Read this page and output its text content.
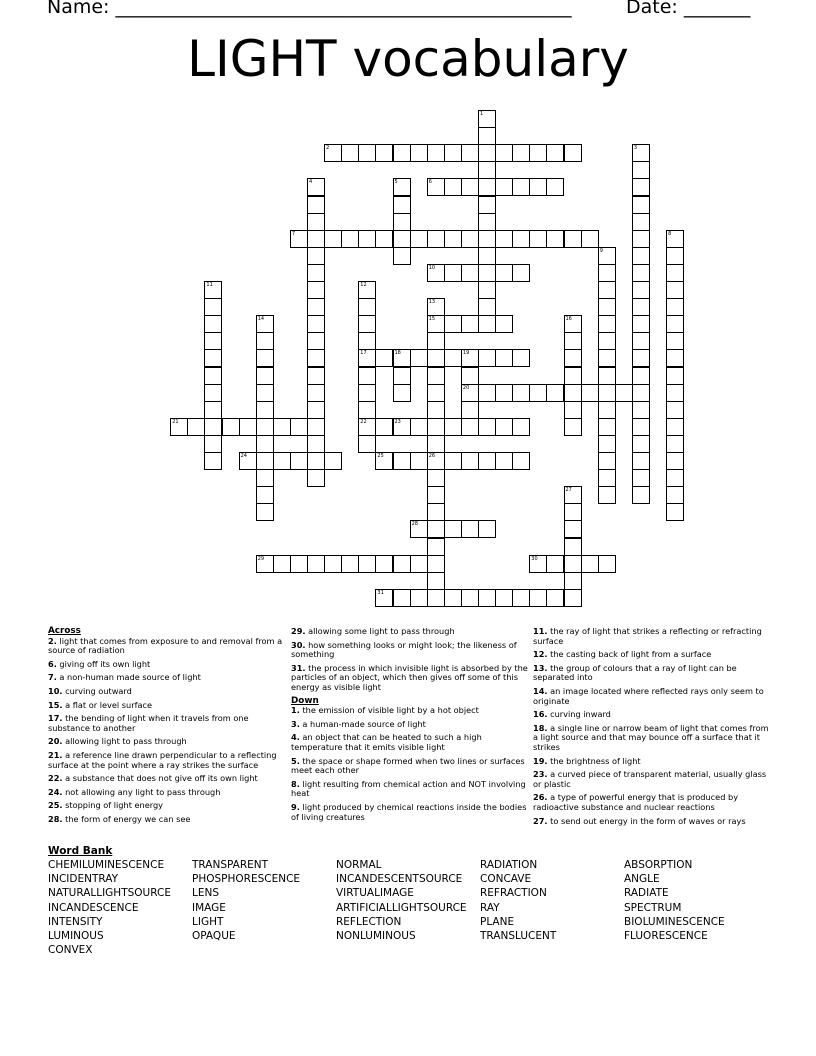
Name: ________________________________________________	Date: _______
LIGHT vocabulary
1
2	3
4	5	6
7	8
9
10
11	12
17
22
13
15
26
14	16
18	19
20
21	23
24	25
27
28
29	30
31
Across
2. light that comes from exposure to and removal from a source of radiation
6. giving off its own light
7. a non-human made source of light
10. curving outward
15. a flat or level surface
17. the bending of light when it travels from one substance to another
20. allowing light to pass through
21. a reference line drawn perpendicular to a reflecting surface at the point where a ray strikes the surface
22. a substance that does not give off its own light
24. not allowing any light to pass through
25. stopping of light energy
28. the form of energy we can see
29. allowing some light to pass through
30. how something looks or might look; the likeness of something
31. the process in which invisible light is absorbed by the particles of an object, which then gives off some of this energy as visible light
Down
1. the emission of visible light by a hot object
3. a human-made source of light
4. an object that can be heated to such a high temperature that it emits visible light
5. the space or shape formed when two lines or surfaces meet each other
8. light resulting from chemical action and NOT involving heat
9. light produced by chemical reactions inside the bodies of living creatures
11. the ray of light that strikes a reflecting or refracting surface
12. the casting back of light from a surface
13. the group of colours that a ray of light can be separated into
14. an image located where reflected rays only seem to originate
16. curving inward
18. a single line or narrow beam of light that comes from a light source and that may bounce off a surface that it strikes
19. the brightness of light
23. a curved piece of transparent material, usually glass or plastic
26. a type of powerful energy that is produced by radioactive substance and nuclear reactions
27. to send out energy in the form of waves or rays
Word Bank
CHEMILUMINESCENCE
INCIDENTRAY
NATURALLIGHTSOURCE
INCANDESCENCE
INTENSITY
LUMINOUS
CONVEX
TRANSPARENT
PHOSPHORESCENCE
LENS
IMAGE
LIGHT
OPAQUE
NORMAL
INCANDESCENTSOURCE
VIRTUALIMAGE
ARTIFICIALLIGHTSOURCE
REFLECTION
NONLUMINOUS
RADIATION
CONCAVE
REFRACTION
RAY
PLANE
TRANSLUCENT
ABSORPTION
ANGLE
RADIATE
SPECTRUM
BIOLUMINESCENCE
FLUORESCENCE
